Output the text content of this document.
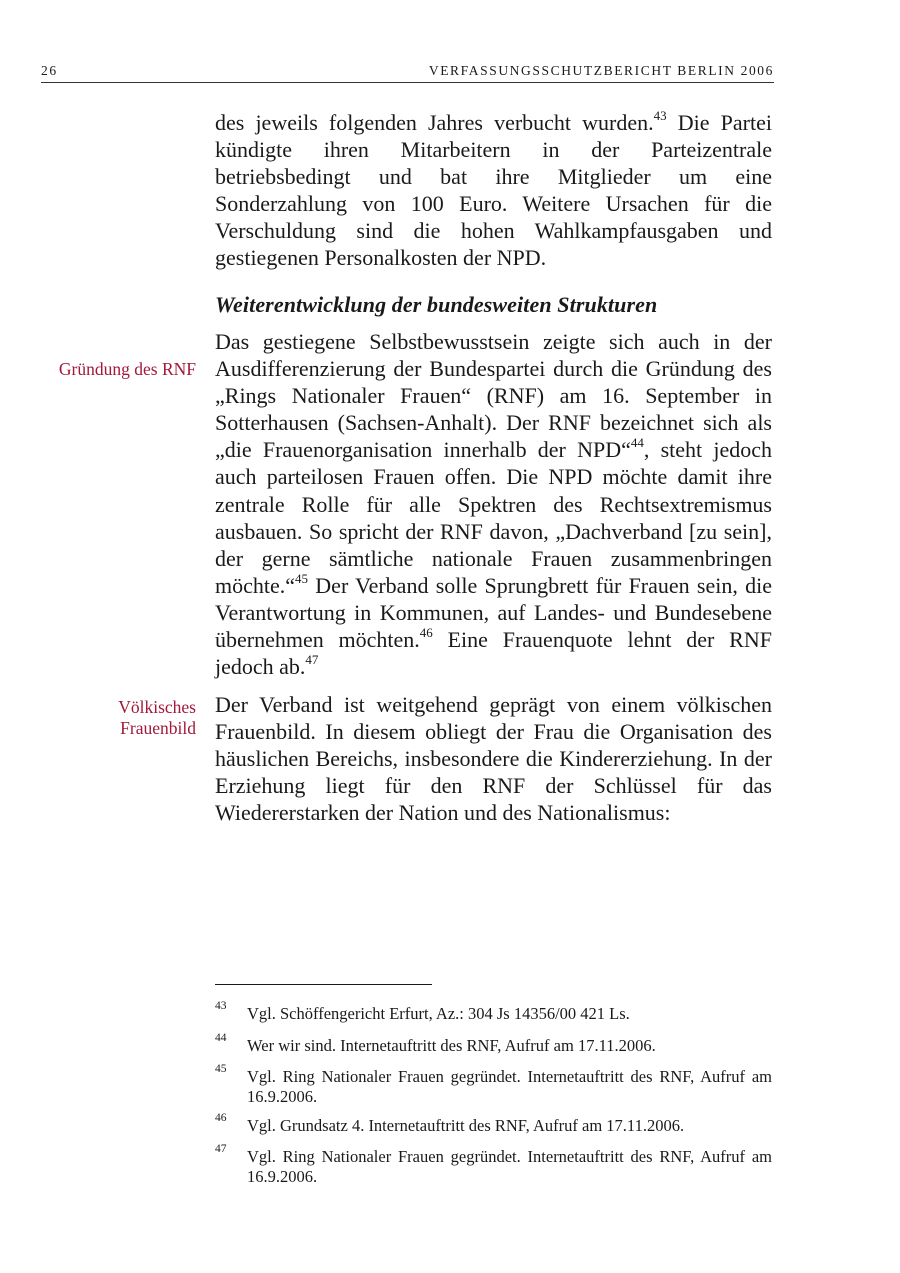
26	VERFASSUNGSSCHUTZBERICHT BERLIN 2006

des jeweils folgenden Jahres verbucht wurden.$^{43}$ Die Partei kündigte ihren Mitarbeitern in der Parteizentrale betriebsbedingt und bat ihre Mitglieder um eine Sonderzahlung von 100 Euro. Weitere Ursachen für die Verschuldung sind die hohen Wahlkampfausgaben und gestiegenen Personalkosten der NPD.

Weiterentwicklung der bundesweiten Strukturen

Gründung des RNF

Das gestiegene Selbstbewusstsein zeigte sich auch in der Ausdifferenzierung der Bundespartei durch die Gründung des „Rings Nationaler Frauen“ (RNF) am 16. September in Sotterhausen (Sachsen-Anhalt). Der RNF bezeichnet sich als „die Frauenorganisation innerhalb der NPD“$^{44}$, steht jedoch auch parteilosen Frauen offen. Die NPD möchte damit ihre zentrale Rolle für alle Spektren des Rechtsextremismus ausbauen. So spricht der RNF davon, „Dachverband [zu sein], der gerne sämtliche nationale Frauen zusammenbringen möchte.“$^{45}$ Der Verband solle Sprungbrett für Frauen sein, die Verantwortung in Kommunen, auf Landes- und Bundesebene übernehmen möchten.$^{46}$ Eine Frauenquote lehnt der RNF jedoch ab.$^{47}$

Völkisches
Frauenbild

Der Verband ist weitgehend geprägt von einem völkischen Frauenbild. In diesem obliegt der Frau die Organisation des häuslichen Bereichs, insbesondere die Kindererziehung. In der Erziehung liegt für den RNF der Schlüssel für das Wiedererstarken der Nation und des Nationalismus:

43 Vgl. Schöffengericht Erfurt, Az.: 304 Js 14356/00 421 Ls.
44 Wer wir sind. Internetauftritt des RNF, Aufruf am 17.11.2006.
45 Vgl. Ring Nationaler Frauen gegründet. Internetauftritt des RNF, Aufruf am 16.9.2006.
46 Vgl. Grundsatz 4. Internetauftritt des RNF, Aufruf am 17.11.2006.
47 Vgl. Ring Nationaler Frauen gegründet. Internetauftritt des RNF, Aufruf am 16.9.2006.
